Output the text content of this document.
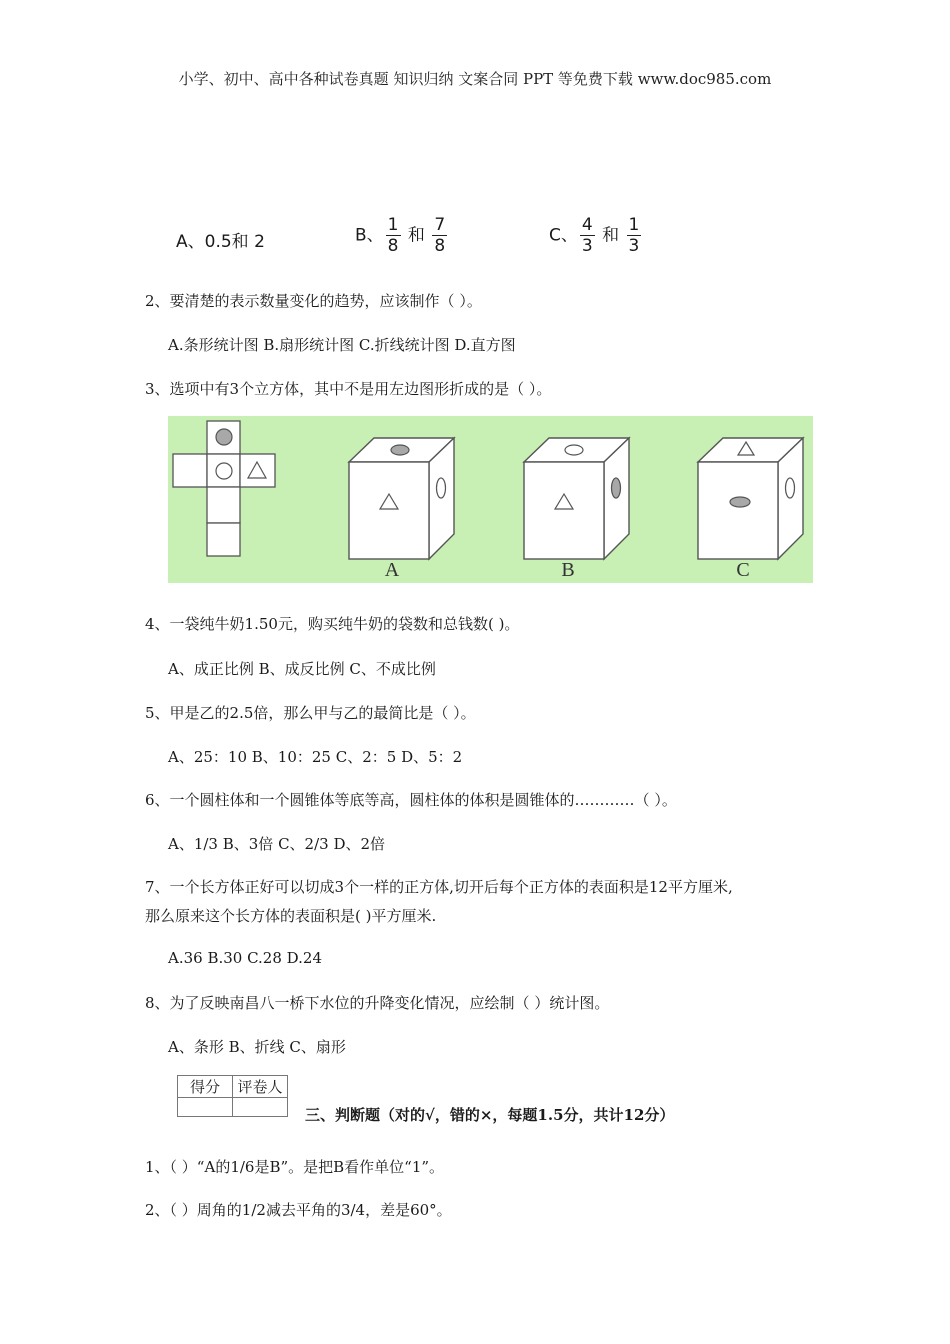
小学、初中、高中各种试卷真题 知识归纳 文案合同 PPT 等免费下载 www.doc985.com
A、0.5和 2	B、 $\frac{1}{8}$ 和 $\frac{7}{8}$	C、 $\frac{4}{3}$ 和 $\frac{1}{3}$
2、要清楚的表示数量变化的趋势，应该制作（ ）。
A.条形统计图 B.扇形统计图 C.折线统计图 D.直方图
3、选项中有3个立方体，其中不是用左边图形折成的是（ ）。
A	B	C
4、一袋纯牛奶1.50元，购买纯牛奶的袋数和总钱数( )。
A、成正比例 B、成反比例 C、不成比例
5、甲是乙的2.5倍，那么甲与乙的最简比是（ ）。
A、25：10 B、10：25 C、2：5 D、5：2
6、一个圆柱体和一个圆锥体等底等高，圆柱体的体积是圆锥体的…………（ ）。
A、1/3 B、3倍 C、2/3 D、2倍
7、一个长方体正好可以切成3个一样的正方体,切开后每个正方体的表面积是12平方厘米,
那么原来这个长方体的表面积是( )平方厘米.
A.36 B.30 C.28 D.24
8、为了反映南昌八一桥下水位的升降变化情况，应绘制（ ）统计图。
A、条形 B、折线 C、扇形
得分	评卷人

三、判断题（对的√，错的×，每题1.5分，共计12分）
1、（ ）“A的1/6是B”。是把B看作单位“1”。
2、（ ）周角的1/2减去平角的3/4，差是60°。
